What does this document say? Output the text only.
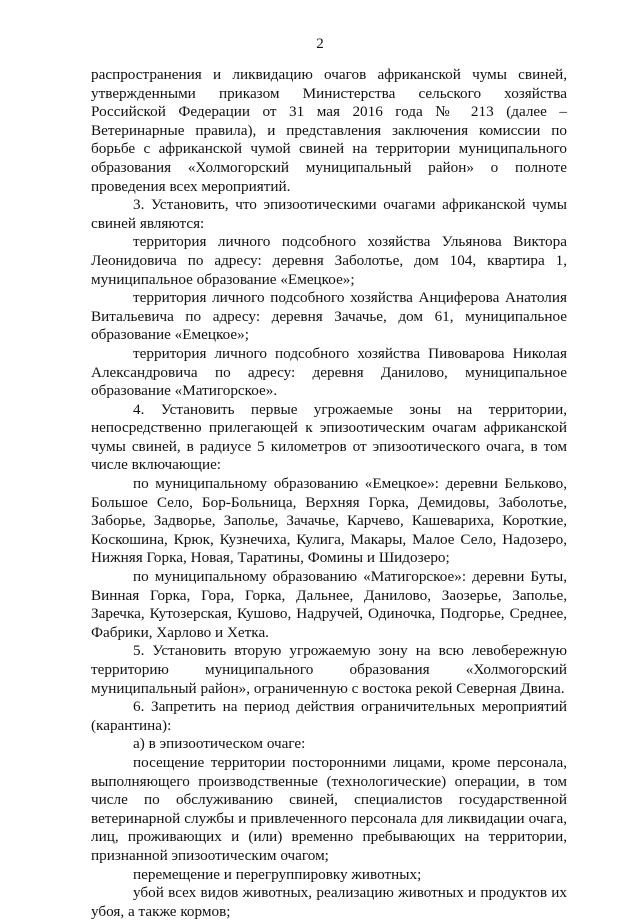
2

распространения и ликвидацию очагов африканской чумы свиней, утвержденными приказом Министерства сельского хозяйства Российской Федерации от 31 мая 2016 года № 213 (далее – Ветеринарные правила), и представления заключения комиссии по борьбе с африканской чумой свиней на территории муниципального образования «Холмогорский муниципальный район» о полноте проведения всех мероприятий.

3. Установить, что эпизоотическими очагами африканской чумы свиней являются:

территория личного подсобного хозяйства Ульянова Виктора Леонидовича по адресу: деревня Заболотье, дом 104, квартира 1, муниципальное образование «Емецкое»;

территория личного подсобного хозяйства Анциферова Анатолия Витальевича по адресу: деревня Зачачье, дом 61, муниципальное образование «Емецкое»;

территория личного подсобного хозяйства Пивоварова Николая Александровича по адресу: деревня Данилово, муниципальное образование «Матигорское».

4. Установить первые угрожаемые зоны на территории, непосредственно прилегающей к эпизоотическим очагам африканской чумы свиней, в радиусе 5 километров от эпизоотического очага, в том числе включающие:

по муниципальному образованию «Емецкое»: деревни Бельково, Большое Село, Бор-Больница, Верхняя Горка, Демидовы, Заболотье, Заборье, Задворье, Заполье, Зачачье, Карчево, Кашевариха, Короткие, Коскошина, Крюк, Кузнечиха, Кулига, Макары, Малое Село, Надозеро, Нижняя Горка, Новая, Таратины, Фомины и Шидозеро;

по муниципальному образованию «Матигорское»: деревни Буты, Винная Горка, Гора, Горка, Дальнее, Данилово, Заозерье, Заполье, Заречка, Кутозерская, Кушово, Надручей, Одиночка, Подгорье, Среднее, Фабрики, Харлово и Хетка.

5. Установить вторую угрожаемую зону на всю левобережную территорию муниципального образования «Холмогорский муниципальный район», ограниченную с востока рекой Северная Двина.

6. Запретить на период действия ограничительных мероприятий (карантина):

а) в эпизоотическом очаге:

посещение территории посторонними лицами, кроме персонала, выполняющего производственные (технологические) операции, в том числе по обслуживанию свиней, специалистов государственной ветеринарной службы и привлеченного персонала для ликвидации очага, лиц, проживающих и (или) временно пребывающих на территории, признанной эпизоотическим очагом;

перемещение и перегруппировку животных;

убой всех видов животных, реализацию животных и продуктов их убоя, а также кормов;
